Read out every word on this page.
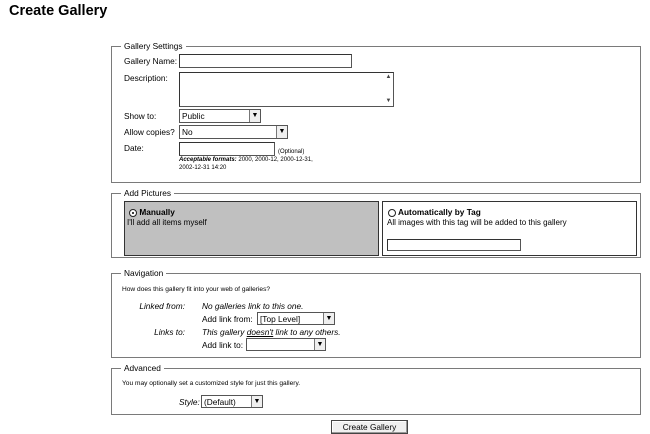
Create Gallery
Gallery Settings
Gallery Name:
Description:	▲
▼
Show to:	Public	▼
Allow copies? No	▼
Date:	(Optional)
Acceptable formats: 2000, 2000-12, 2000-12-31,
2002-12-31 14:20
Add Pictures
Manually
I'll add all items myself
Automatically by Tag
All images with this tag will be added to this gallery
Navigation
How does this gallery fit into your web of galleries?
Linked from: No galleries link to this one.
Add link from: [Top Level]	▼
Links to: This gallery doesn't link to any others.
Add link to:	▼
Advanced
You may optionally set a customized style for just this gallery.
Style: (Default)	▼
Create Gallery
